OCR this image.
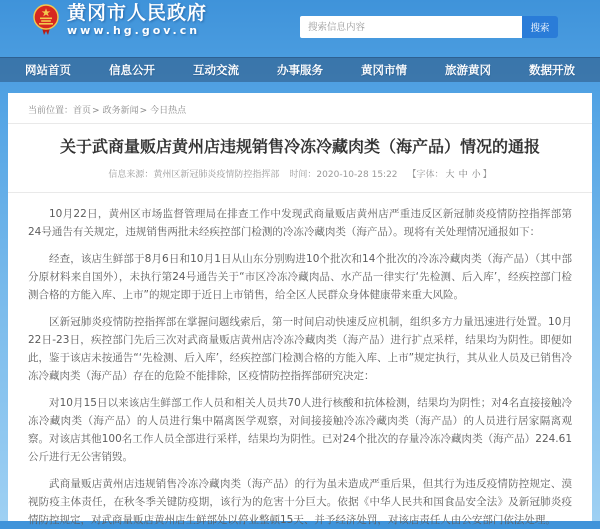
黄冈市人民政府
www.hg.gov.cn
搜索信息内容	搜索
网站首页	信息公开	互动交流	办事服务	黄冈市情	旅游黄冈	数据开放
当前位置：首页> 政务新闻> 今日热点
关于武商量贩店黄州店违规销售冷冻冷藏肉类（海产品）情况的通报
信息来源：黄州区新冠肺炎疫情防控指挥部 时间：2020-10-28 15:22 【字体： 大 中 小 】

10月22日，黄州区市场监督管理局在排查工作中发现武商量贩店黄州店严重违反区新冠肺炎疫情防控指挥部第24号通告有关规定，违规销售两批未经疾控部门检测的冷冻冷藏肉类（海产品）。现将有关处理情况通报如下：

经查，该店生鲜部于8月6日和10月1日从山东分别购进10个批次和14个批次的冷冻冷藏肉类（海产品）（其中部分原材料来自国外），未执行第24号通告关于“市区冷冻冷藏肉品、水产品一律实行‘先检测、后入库’，经疾控部门检测合格的方能入库、上市”的规定即于近日上市销售，给全区人民群众身体健康带来重大风险。

区新冠肺炎疫情防控指挥部在掌握问题线索后，第一时间启动快速反应机制，组织多方力量迅速进行处置。10月22日-23日，疾控部门先后三次对武商量贩店黄州店冷冻冷藏肉类（海产品）进行扩点采样，结果均为阴性。即便如此，鉴于该店未按通告“‘先检测、后入库’，经疾控部门检测合格的方能入库、上市”规定执行，其从业人员及已销售冷冻冷藏肉类（海产品）存在的危险不能排除，区疫情防控指挥部研究决定：

对10月15日以来该店生鲜部工作人员和相关人员共70人进行核酸和抗体检测，结果均为阴性；对4名直接接触冷冻冷藏肉类（海产品）的人员进行集中隔离医学观察，对间接接触冷冻冷藏肉类（海产品）的人员进行居家隔离观察。对该店其他100名工作人员全部进行采样，结果均为阴性。已对24个批次的存量冷冻冷藏肉类（海产品）224.61公斤进行无公害销毁。

武商量贩店黄州店违规销售冷冻冷藏肉类（海产品）的行为虽未造成严重后果，但其行为违反疫情防控规定、漠视防疫主体责任，在秋冬季关键防疫期，该行为的危害十分巨大。依据《中华人民共和国食品安全法》及新冠肺炎疫情防控规定，对武商量贩店黄州店生鲜部处以停业整顿15天、并予经济处罚，对该店责任人由公安部门依法处理。
